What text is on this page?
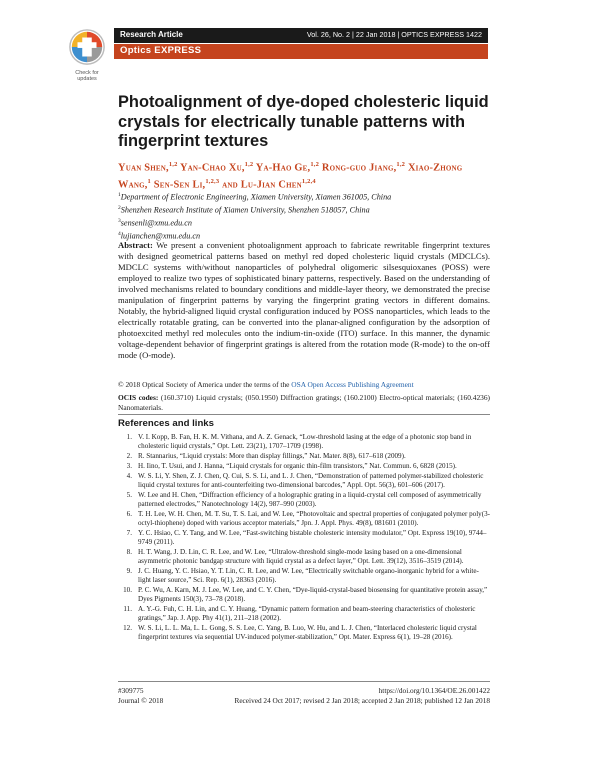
Check for updates
Research Article	Vol. 26, No. 2 | 22 Jan 2018 | OPTICS EXPRESS 1422
Optics EXPRESS
Photoalignment of dye-doped cholesteric liquid crystals for electrically tunable patterns with fingerprint textures
Yuan Shen,$^{1,2}$ Yan-Chao Xu,$^{1,2}$ Ya-Hao Ge,$^{1,2}$ Rong-guo Jiang,$^{1,2}$ Xiao-Zhong Wang,$^1$ Sen-Sen Li,$^{1,2,3}$ and Lu-Jian Chen$^{1,2,4}$
$^1$Department of Electronic Engineering, Xiamen University, Xiamen 361005, China
$^2$Shenzhen Research Institute of Xiamen University, Shenzhen 518057, China
$^3$sensenli@xmu.edu.cn
$^4$lujianchen@xmu.edu.cn
Abstract: We present a convenient photoalignment approach to fabricate rewritable fingerprint textures with designed geometrical patterns based on methyl red doped cholesteric liquid crystals (MDCLCs). MDCLC systems with/without nanoparticles of polyhedral oligomeric silsesquioxanes (POSS) were employed to realize two types of sophisticated binary patterns, respectively. Based on the understanding of involved mechanisms related to boundary conditions and middle-layer theory, we demonstrated the precise manipulation of fingerprint patterns by varying the fingerprint grating vectors in different domains. Notably, the hybrid-aligned liquid crystal configuration induced by POSS nanoparticles, which leads to the electrically rotatable grating, can be converted into the planar-aligned configuration by the adsorption of photoexcited methyl red molecules onto the indium-tin-oxide (ITO) surface. In this manner, the dynamic voltage-dependent behavior of fingerprint gratings is altered from the rotation mode (R-mode) to the on-off mode (O-mode).
© 2018 Optical Society of America under the terms of the OSA Open Access Publishing Agreement
OCIS codes: (160.3710) Liquid crystals; (050.1950) Diffraction gratings; (160.2100) Electro-optical materials; (160.4236) Nanomaterials.
References and links
1. V. I. Kopp, B. Fan, H. K. M. Vithana, and A. Z. Genack, “Low-threshold lasing at the edge of a photonic stop band in cholesteric liquid crystals,” Opt. Lett. 23(21), 1707–1709 (1998).
2. R. Stannarius, “Liquid crystals: More than display fillings,” Nat. Mater. 8(8), 617–618 (2009).
3. H. Iino, T. Usui, and J. Hanna, “Liquid crystals for organic thin-film transistors,” Nat. Commun. 6, 6828 (2015).
4. W. S. Li, Y. Shen, Z. J. Chen, Q. Cui, S. S. Li, and L. J. Chen, “Demonstration of patterned polymer-stabilized cholesteric liquid crystal textures for anti-counterfeiting two-dimensional barcodes,” Appl. Opt. 56(3), 601–606 (2017).
5. W. Lee and H. Chen, “Diffraction efficiency of a holographic grating in a liquid-crystal cell composed of asymmetrically patterned electrodes,” Nanotechnology 14(2), 987–990 (2003).
6. T. H. Lee, W. H. Chen, M. T. Su, T. S. Lai, and W. Lee, “Photovoltaic and spectral properties of conjugated polymer poly(3-octyl-thiophene) doped with various acceptor materials,” Jpn. J. Appl. Phys. 49(8), 081601 (2010).
7. Y. C. Hsiao, C. Y. Tang, and W. Lee, “Fast-switching bistable cholesteric intensity modulator,” Opt. Express 19(10), 9744–9749 (2011).
8. H. T. Wang, J. D. Lin, C. R. Lee, and W. Lee, “Ultralow-threshold single-mode lasing based on a one-dimensional asymmetric photonic bandgap structure with liquid crystal as a defect layer,” Opt. Lett. 39(12), 3516–3519 (2014).
9. J. C. Huang, Y. C. Hsiao, Y. T. Lin, C. R. Lee, and W. Lee, “Electrically switchable organo-inorganic hybrid for a white-light laser source,” Sci. Rep. 6(1), 28363 (2016).
10. P. C. Wu, A. Karn, M. J. Lee, W. Lee, and C. Y. Chen, “Dye-liquid-crystal-based biosensing for quantitative protein assay,” Dyes Pigments 150(3), 73–78 (2018).
11. A. Y.-G. Fuh, C. H. Lin, and C. Y. Huang, “Dynamic pattern formation and beam-steering characteristics of cholesteric gratings,” Jap. J. App. Phy 41(1), 211–218 (2002).
12. W. S. Li, L. L. Ma, L. L. Gong, S. S. Lee, C. Yang, B. Luo, W. Hu, and L. J. Chen, “Interlaced cholesteric liquid crystal fingerprint textures via sequential UV-induced polymer-stabilization,” Opt. Mater. Express 6(1), 19–28 (2016).
#309775	https://doi.org/10.1364/OE.26.001422
Journal © 2018	Received 24 Oct 2017; revised 2 Jan 2018; accepted 2 Jan 2018; published 12 Jan 2018
